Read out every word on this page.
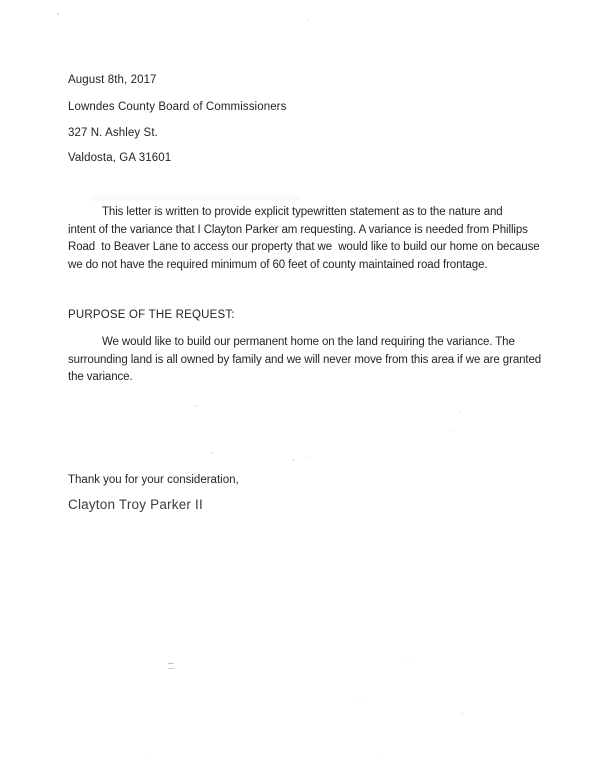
August 8th, 2017
Lowndes County Board of Commissioners
327 N. Ashley St.
Valdosta, GA 31601
This letter is written to provide explicit typewritten statement as to the nature and
intent of the variance that I Clayton Parker am requesting. A variance is needed from Phillips
Road  to Beaver Lane to access our property that we  would like to build our home on because
we do not have the required minimum of 60 feet of county maintained road frontage.
PURPOSE OF THE REQUEST:
We would like to build our permanent home on the land requiring the variance. The
surrounding land is all owned by family and we will never move from this area if we are granted
the variance.
Thank you for your consideration,
Clayton Troy Parker II
